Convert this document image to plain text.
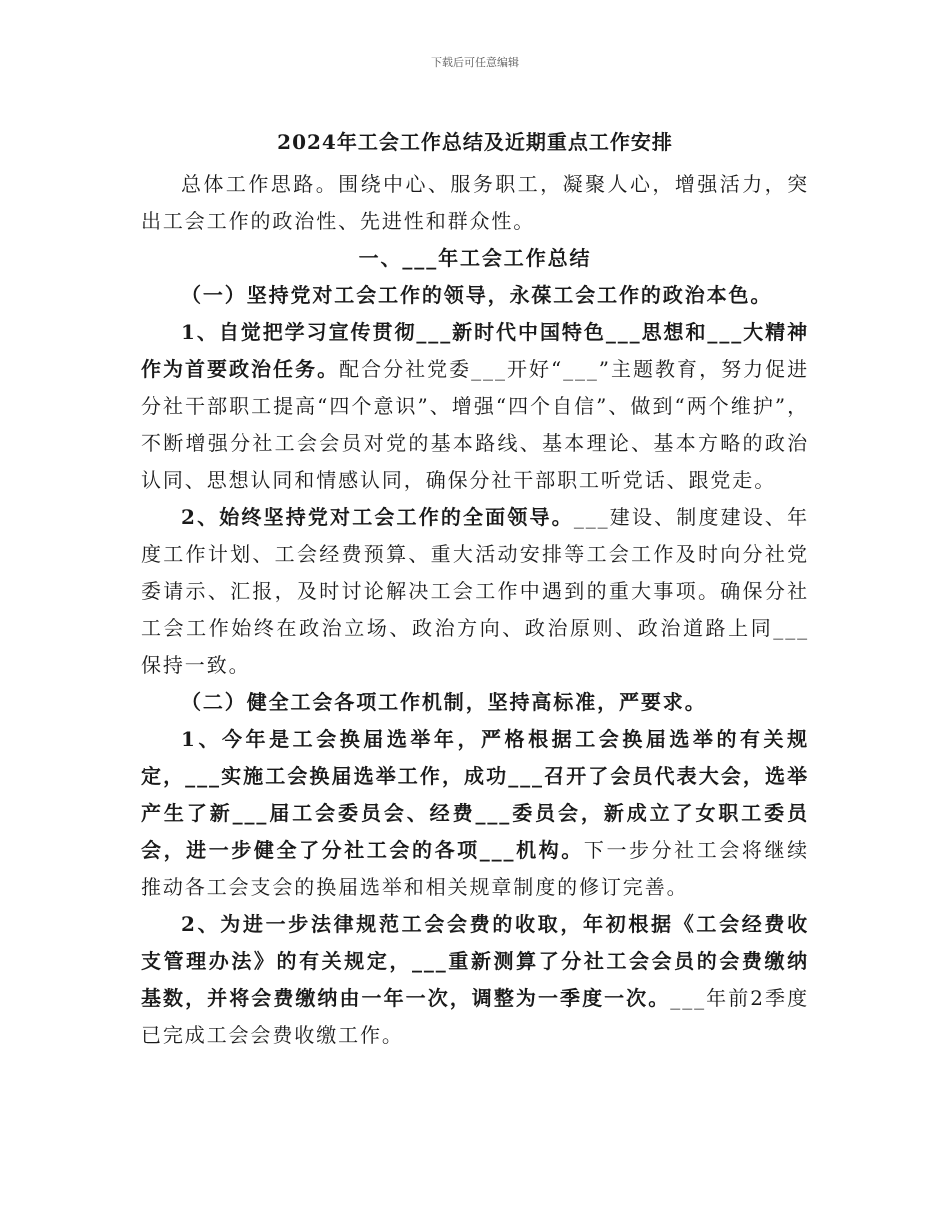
下载后可任意编辑
2024年工会工作总结及近期重点工作安排

总体工作思路。围绕中心、服务职工，凝聚人心，增强活力，突出工会工作的政治性、先进性和群众性。

一、___年工会工作总结

（一）坚持党对工会工作的领导，永葆工会工作的政治本色。

1、自觉把学习宣传贯彻___新时代中国特色___思想和___大精神作为首要政治任务。配合分社党委___开好“___”主题教育，努力促进分社干部职工提高“四个意识”、增强“四个自信”、做到“两个维护”，不断增强分社工会会员对党的基本路线、基本理论、基本方略的政治认同、思想认同和情感认同，确保分社干部职工听党话、跟党走。

2、始终坚持党对工会工作的全面领导。___建设、制度建设、年度工作计划、工会经费预算、重大活动安排等工会工作及时向分社党委请示、汇报，及时讨论解决工会工作中遇到的重大事项。确保分社工会工作始终在政治立场、政治方向、政治原则、政治道路上同___保持一致。

（二）健全工会各项工作机制，坚持高标准，严要求。

1、今年是工会换届选举年，严格根据工会换届选举的有关规定，___实施工会换届选举工作，成功___召开了会员代表大会，选举产生了新___届工会委员会、经费___委员会，新成立了女职工委员会，进一步健全了分社工会的各项___机构。下一步分社工会将继续推动各工会支会的换届选举和相关规章制度的修订完善。

2、为进一步法律规范工会会费的收取，年初根据《工会经费收支管理办法》的有关规定，___重新测算了分社工会会员的会费缴纳基数，并将会费缴纳由一年一次，调整为一季度一次。___年前2季度已完成工会会费收缴工作。
